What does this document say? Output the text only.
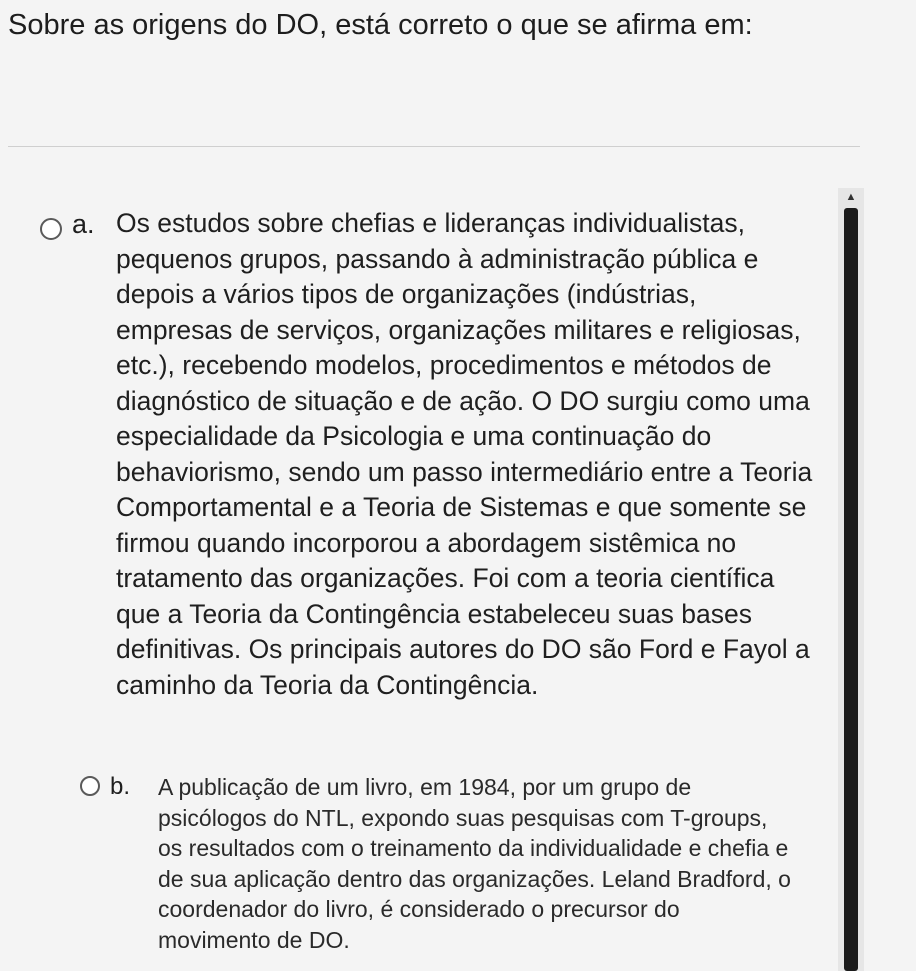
Sobre as origens do DO, está correto o que se afirma em:
a. Os estudos sobre chefias e lideranças individualistas, pequenos grupos, passando à administração pública e depois a vários tipos de organizações (indústrias, empresas de serviços, organizações militares e religiosas, etc.), recebendo modelos, procedimentos e métodos de diagnóstico de situação e de ação. O DO surgiu como uma especialidade da Psicologia e uma continuação do behaviorismo, sendo um passo intermediário entre a Teoria Comportamental e a Teoria de Sistemas e que somente se firmou quando incorporou a abordagem sistêmica no tratamento das organizações. Foi com a teoria científica que a Teoria da Contingência estabeleceu suas bases definitivas. Os principais autores do DO são Ford e Fayol a caminho da Teoria da Contingência.

b.	A publicação de um livro, em 1984, por um grupo de psicólogos do NTL, expondo suas pesquisas com T-groups, os resultados com o treinamento da individualidade e chefia e de sua aplicação dentro das organizações. Leland Bradford, o coordenador do livro, é considerado o precursor do movimento de DO.

▲
